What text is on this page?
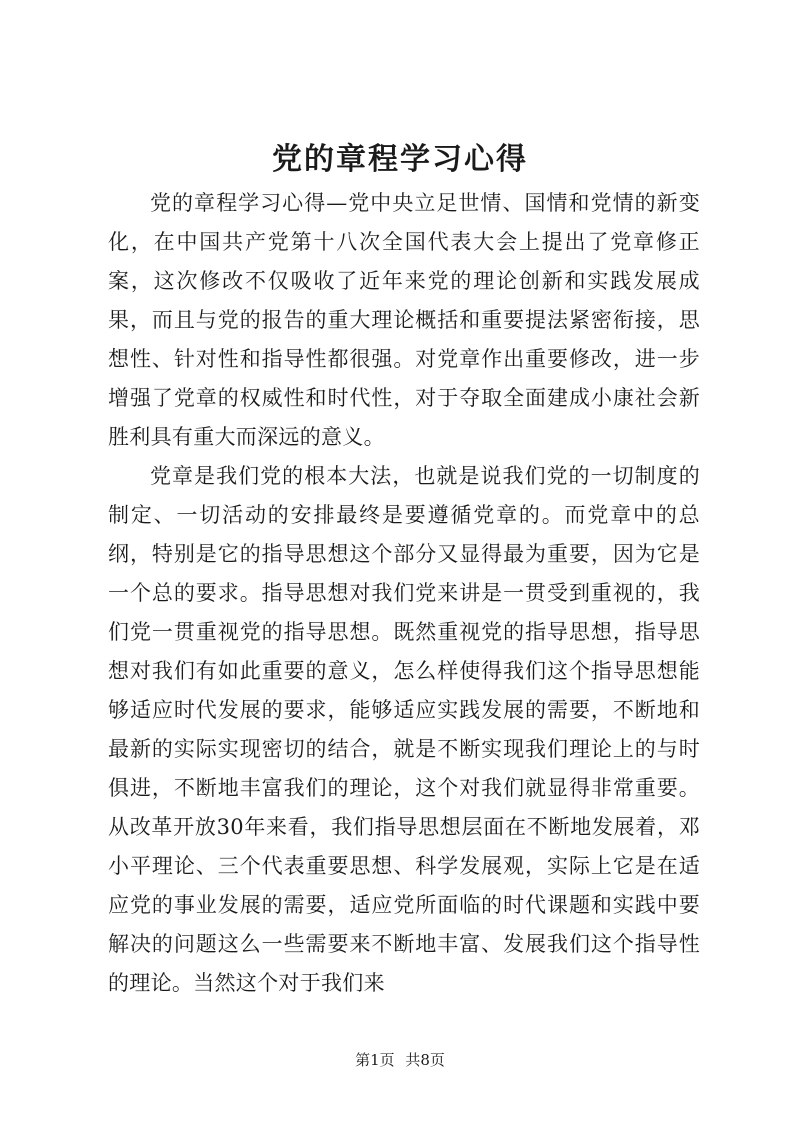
党的章程学习心得

党的章程学习心得—党中央立足世情、国情和党情的新变化，在中国共产党第十八次全国代表大会上提出了党章修正案，这次修改不仅吸收了近年来党的理论创新和实践发展成果，而且与党的报告的重大理论概括和重要提法紧密衔接，思想性、针对性和指导性都很强。对党章作出重要修改，进一步增强了党章的权威性和时代性，对于夺取全面建成小康社会新胜利具有重大而深远的意义。

党章是我们党的根本大法，也就是说我们党的一切制度的制定、一切活动的安排最终是要遵循党章的。而党章中的总纲，特别是它的指导思想这个部分又显得最为重要，因为它是一个总的要求。指导思想对我们党来讲是一贯受到重视的，我们党一贯重视党的指导思想。既然重视党的指导思想，指导思想对我们有如此重要的意义，怎么样使得我们这个指导思想能够适应时代发展的要求，能够适应实践发展的需要，不断地和最新的实际实现密切的结合，就是不断实现我们理论上的与时俱进，不断地丰富我们的理论，这个对我们就显得非常重要。从改革开放30年来看，我们指导思想层面在不断地发展着，邓小平理论、三个代表重要思想、科学发展观，实际上它是在适应党的事业发展的需要，适应党所面临的时代课题和实践中要解决的问题这么一些需要来不断地丰富、发展我们这个指导性的理论。当然这个对于我们来

第1页 共8页
